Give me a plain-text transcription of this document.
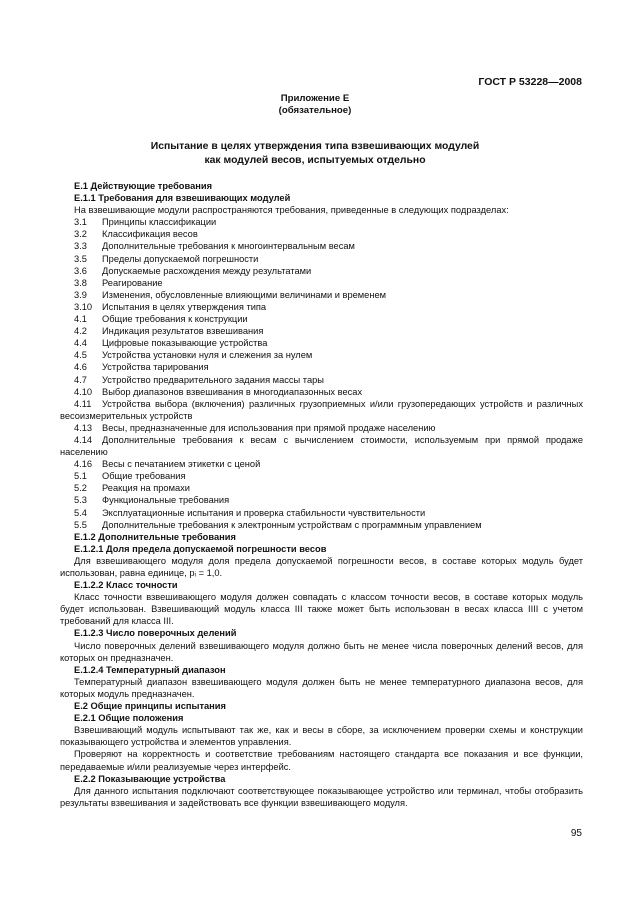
ГОСТ Р 53228—2008
Приложение Е
(обязательное)
Испытание в целях утверждения типа взвешивающих модулей
как модулей весов, испытуемых отдельно

Е.1 Действующие требования

Е.1.1 Требования для взвешивающих модулей

На взвешивающие модули распространяются требования, приведенные в следующих подразделах:

3.1	Принципы классификации
3.2	Классификация весов
3.3	Дополнительные требования к многоинтервальным весам
3.5	Пределы допускаемой погрешности
3.6	Допускаемые расхождения между результатами
3.8	Реагирование
3.9	Изменения, обусловленные влияющими величинами и временем
3.10	Испытания в целях утверждения типа
4.1	Общие требования к конструкции
4.2	Индикация результатов взвешивания
4.4	Цифровые показывающие устройства
4.5	Устройства установки нуля и слежения за нулем
4.6	Устройства тарирования
4.7	Устройство предварительного задания массы тары
4.10	Выбор диапазонов взвешивания в многодиапазонных весах

4.11 Устройства выбора (включения) различных грузоприемных и/или грузопередающих устройств и различных весоизмерительных устройств

4.13	Весы, предназначенные для использования при прямой продаже населению

4.14 Дополнительные требования к весам с вычислением стоимости, используемым при прямой продаже населению

4.16	Весы с печатанием этикетки с ценой
5.1	Общие требования
5.2	Реакция на промахи
5.3	Функциональные требования
5.4	Эксплуатационные испытания и проверка стабильности чувствительности
5.5	Дополнительные требования к электронным устройствам с программным управлением

Е.1.2 Дополнительные требования

Е.1.2.1 Доля предела допускаемой погрешности весов

Для взвешивающего модуля доля предела допускаемой погрешности весов, в составе которых модуль будет использован, равна единице, pᵢ = 1,0.

Е.1.2.2 Класс точности

Класс точности взвешивающего модуля должен совпадать с классом точности весов, в составе которых модуль будет использован. Взвешивающий модуль класса III также может быть использован в весах класса IIII с учетом требований для класса III.

Е.1.2.3 Число поверочных делений

Число поверочных делений взвешивающего модуля должно быть не менее числа поверочных делений весов, для которых он предназначен.

Е.1.2.4 Температурный диапазон

Температурный диапазон взвешивающего модуля должен быть не менее температурного диапазона весов, для которых модуль предназначен.

Е.2 Общие принципы испытания

Е.2.1 Общие положения

Взвешивающий модуль испытывают так же, как и весы в сборе, за исключением проверки схемы и конструкции показывающего устройства и элементов управления.

Проверяют на корректность и соответствие требованиям настоящего стандарта все показания и все функции, передаваемые и/или реализуемые через интерфейс.

Е.2.2 Показывающие устройства

Для данного испытания подключают соответствующее показывающее устройство или терминал, чтобы отобразить результаты взвешивания и задействовать все функции взвешивающего модуля.

95
